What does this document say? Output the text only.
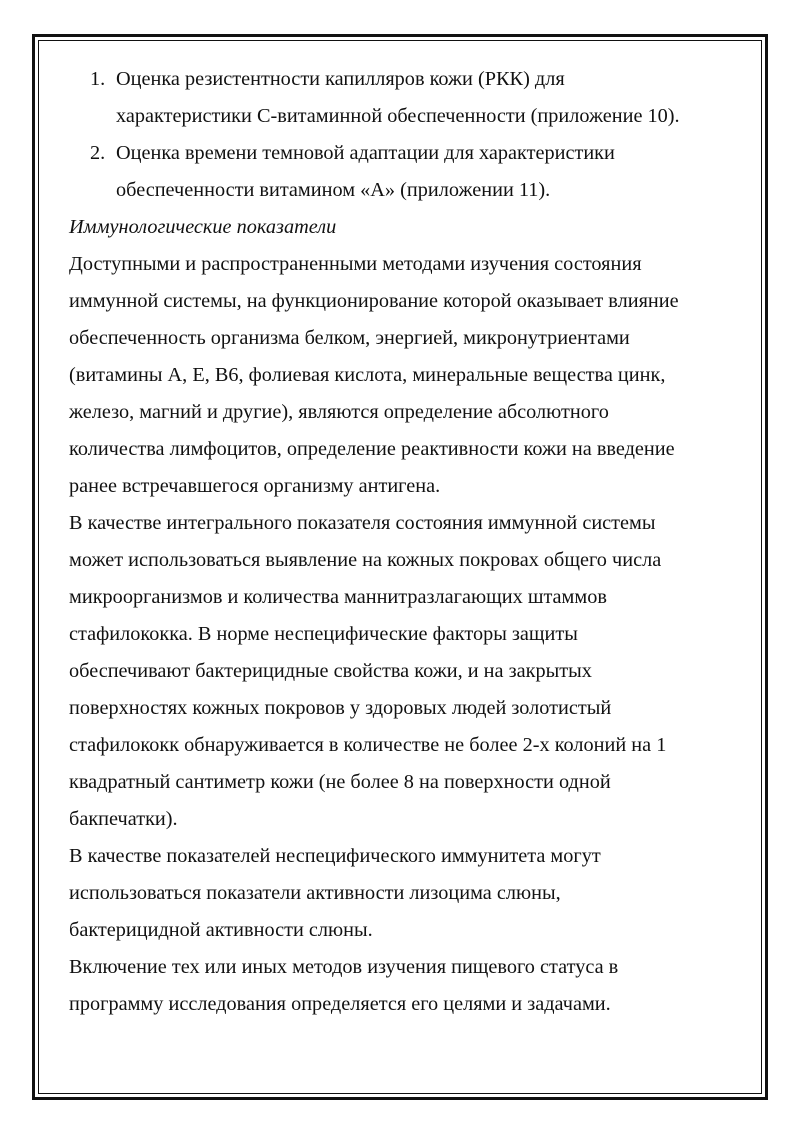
1. Оценка резистентности капилляров кожи (РКК) для
характеристики С-витаминной обеспеченности (приложение 10).
2. Оценка времени темновой адаптации для характеристики
обеспеченности витамином «А» (приложении 11).

Иммунологические показатели

Доступными и распространенными методами изучения состояния
иммунной системы, на функционирование которой оказывает влияние
обеспеченность организма белком, энергией, микронутриентами
(витамины А, Е, В6, фолиевая кислота, минеральные вещества цинк,
железо, магний и другие), являются определение абсолютного
количества лимфоцитов, определение реактивности кожи на введение
ранее встречавшегося организму антигена.

В качестве интегрального показателя состояния иммунной системы
может использоваться выявление на кожных покровах общего числа
микроорганизмов и количества маннитразлагающих штаммов
стафилококка. В норме неспецифические факторы защиты
обеспечивают бактерицидные свойства кожи, и на закрытых
поверхностях кожных покровов у здоровых людей золотистый
стафилококк обнаруживается в количестве не более 2-х колоний на 1
квадратный сантиметр кожи (не более 8 на поверхности одной
бакпечатки).

В качестве показателей неспецифического иммунитета могут
использоваться показатели активности лизоцима слюны,
бактерицидной активности слюны.

Включение тех или иных методов изучения пищевого статуса в
программу исследования определяется его целями и задачами.
